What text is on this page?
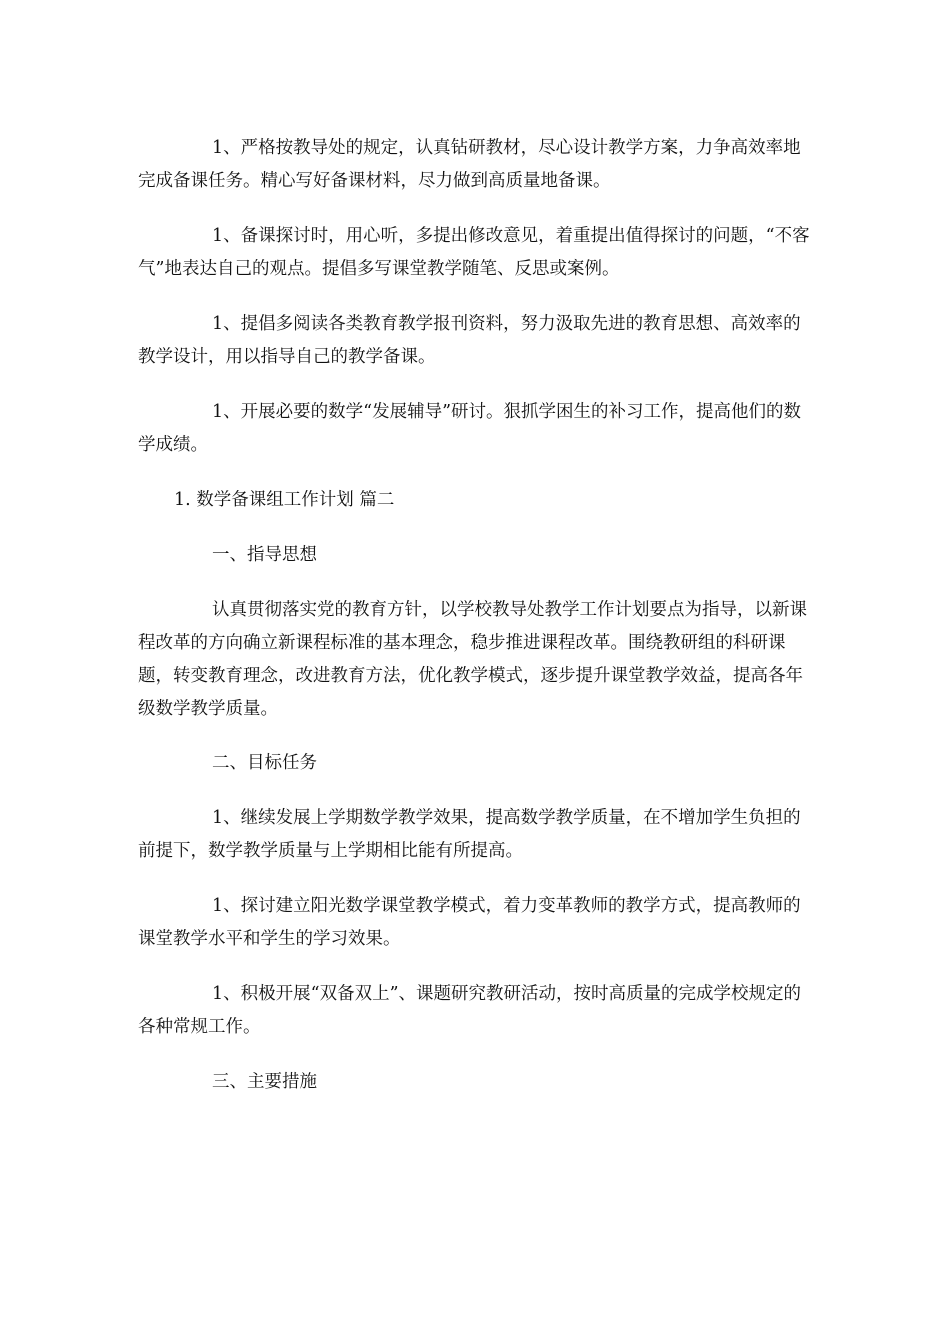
1、严格按教导处的规定，认真钻研教材，尽心设计教学方案，力争高效率地完成备课任务。精心写好备课材料，尽力做到高质量地备课。

1、备课探讨时，用心听，多提出修改意见，着重提出值得探讨的问题，“不客气”地表达自己的观点。提倡多写课堂教学随笔、反思或案例。

1、提倡多阅读各类教育教学报刊资料，努力汲取先进的教育思想、高效率的教学设计，用以指导自己的教学备课。

1、开展必要的数学“发展辅导”研讨。狠抓学困生的补习工作，提高他们的数学成绩。

1. 数学备课组工作计划 篇二
一、指导思想

认真贯彻落实党的教育方针，以学校教导处教学工作计划要点为指导，以新课程改革的方向确立新课程标准的基本理念，稳步推进课程改革。围绕教研组的科研课题，转变教育理念，改进教育方法，优化教学模式，逐步提升课堂教学效益，提高各年级数学教学质量。

二、目标任务

1、继续发展上学期数学教学效果，提高数学教学质量，在不增加学生负担的前提下，数学教学质量与上学期相比能有所提高。

1、探讨建立阳光数学课堂教学模式，着力变革教师的教学方式，提高教师的课堂教学水平和学生的学习效果。

1、积极开展“双备双上”、课题研究教研活动，按时高质量的完成学校规定的各种常规工作。

三、主要措施
